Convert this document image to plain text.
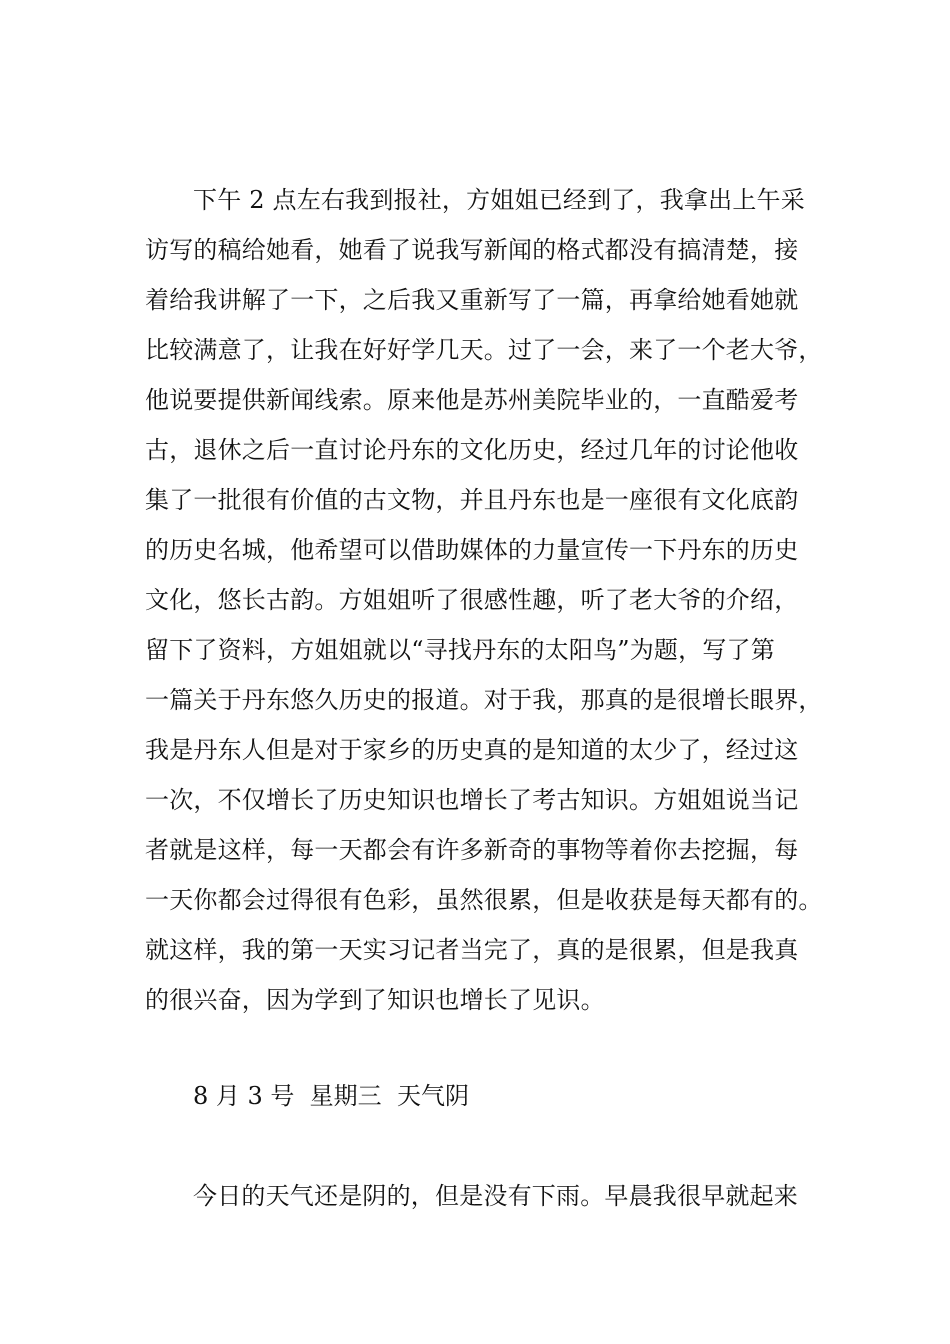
下午 2 点左右我到报社，方姐姐已经到了，我拿出上午采
访写的稿给她看，她看了说我写新闻的格式都没有搞清楚，接
着给我讲解了一下，之后我又重新写了一篇，再拿给她看她就
比较满意了，让我在好好学几天。过了一会，来了一个老大爷，
他说要提供新闻线索。原来他是苏州美院毕业的，一直酷爱考
古，退休之后一直讨论丹东的文化历史，经过几年的讨论他收
集了一批很有价值的古文物，并且丹东也是一座很有文化底韵
的历史名城，他希望可以借助媒体的力量宣传一下丹东的历史
文化，悠长古韵。方姐姐听了很感性趣，听了老大爷的介绍，
留下了资料，方姐姐就以“寻找丹东的太阳鸟”为题，写了第
一篇关于丹东悠久历史的报道。对于我，那真的是很增长眼界，
我是丹东人但是对于家乡的历史真的是知道的太少了，经过这
一次，不仅增长了历史知识也增长了考古知识。方姐姐说当记
者就是这样，每一天都会有许多新奇的事物等着你去挖掘，每
一天你都会过得很有色彩，虽然很累，但是收获是每天都有的。
就这样，我的第一天实习记者当完了，真的是很累，但是我真
的很兴奋，因为学到了知识也增长了见识。
8 月 3 号  星期三  天气阴
今日的天气还是阴的，但是没有下雨。早晨我很早就起来
